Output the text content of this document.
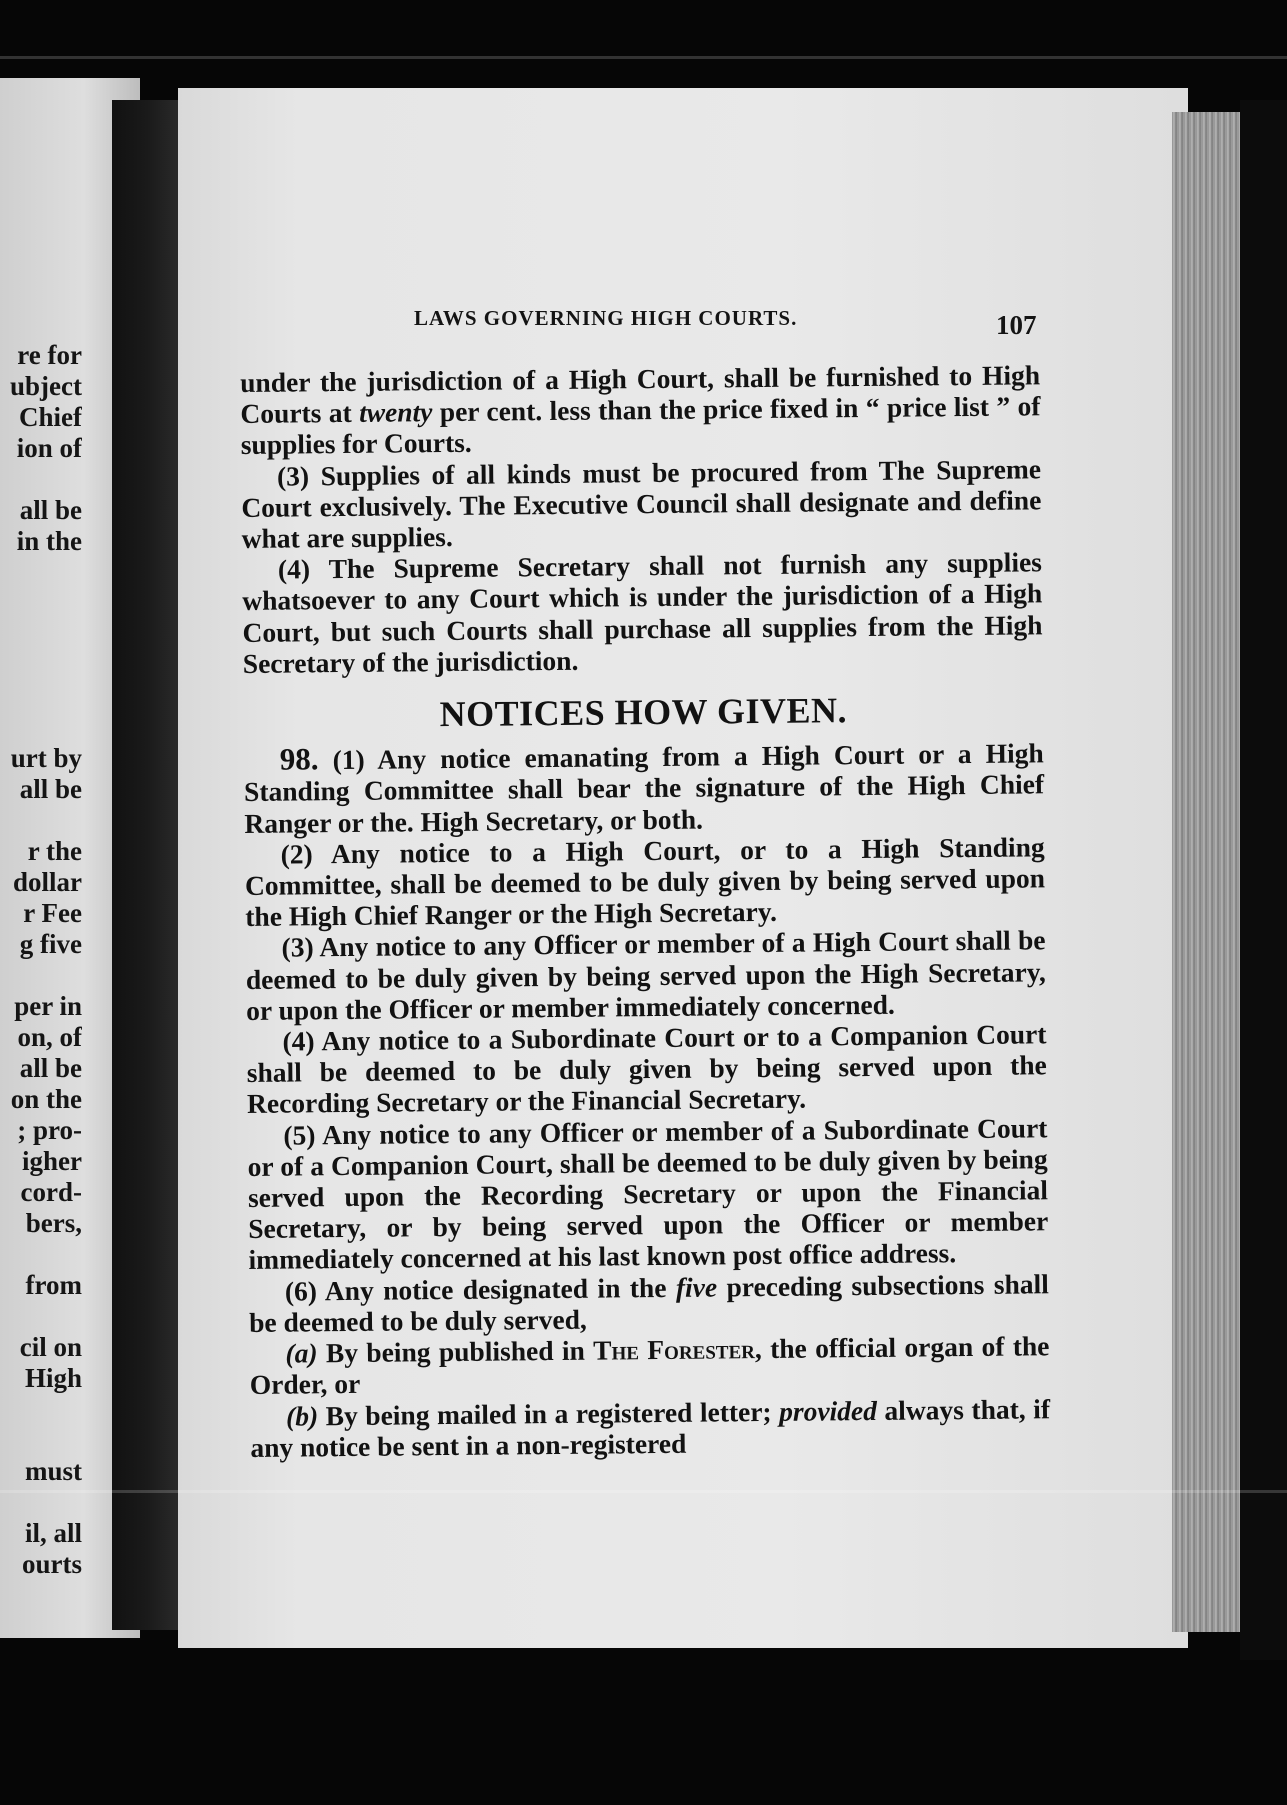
re for
ubject
Chief
ion of
all be
in the
urt by
all be
r the
dollar
r Fee
g five
per in
on, of
all be
on the
; pro-
igher
cord-
bers,
from
cil on
High
must
il, all
ourts
LAWS GOVERNING HIGH COURTS.	107

under the jurisdiction of a High Court, shall be furnished to High Courts at twenty per cent. less than the price fixed in “ price list ” of supplies for Courts.

(3) Supplies of all kinds must be procured from The Supreme Court exclusively. The Executive Council shall designate and define what are supplies.

(4) The Supreme Secretary shall not furnish any supplies whatsoever to any Court which is under the jurisdiction of a High Court, but such Courts shall purchase all supplies from the High Secretary of the jurisdiction.

NOTICES HOW GIVEN.

98. (1) Any notice emanating from a High Court or a High Standing Committee shall bear the signature of the High Chief Ranger or the. High Secretary, or both.

(2) Any notice to a High Court, or to a High Standing Committee, shall be deemed to be duly given by being served upon the High Chief Ranger or the High Secretary.

(3) Any notice to any Officer or member of a High Court shall be deemed to be duly given by being served upon the High Secretary, or upon the Officer or member immediately concerned.

(4) Any notice to a Subordinate Court or to a Companion Court shall be deemed to be duly given by being served upon the Recording Secretary or the Financial Secretary.

(5) Any notice to any Officer or member of a Subordinate Court or of a Companion Court, shall be deemed to be duly given by being served upon the Recording Secretary or upon the Financial Secretary, or by being served upon the Officer or member immediately concerned at his last known post office address.

(6) Any notice designated in the five preceding subsections shall be deemed to be duly served,

(a) By being published in The Forester, the official organ of the Order, or

(b) By being mailed in a registered letter; provided always that, if any notice be sent in a non-registered
